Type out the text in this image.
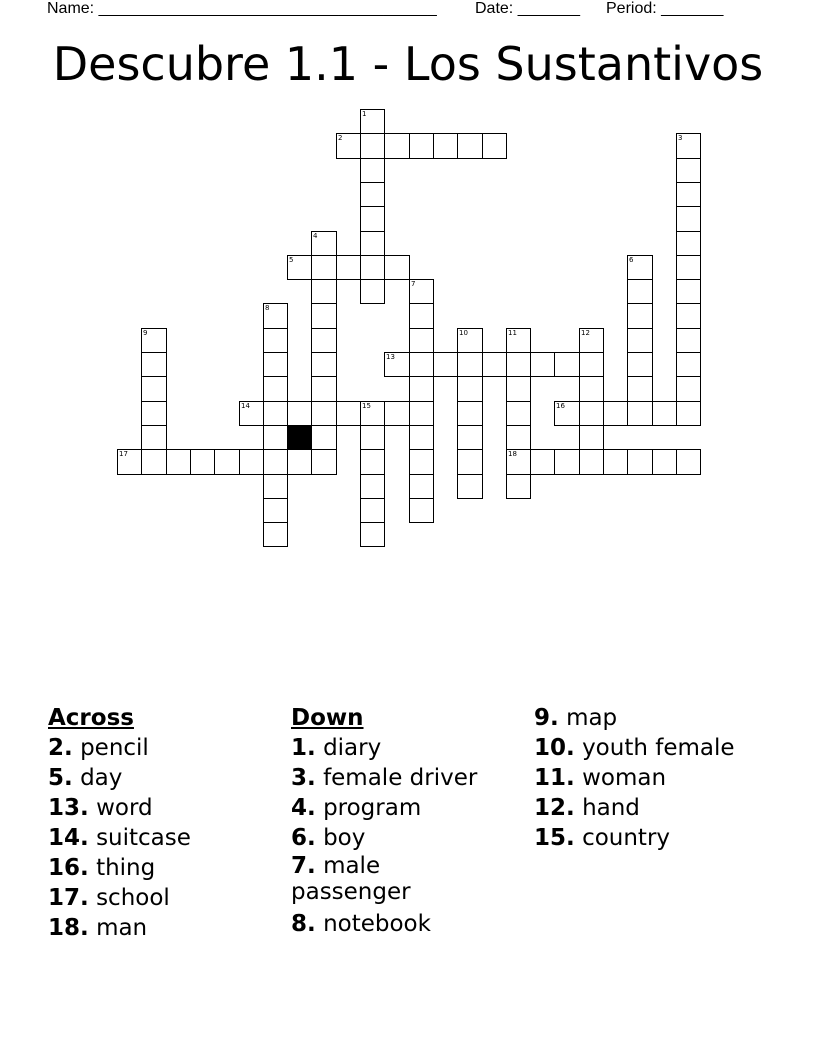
Name: ______________________________________

Date: _______

Period: _______

Descubre 1.1 - Los Sustantivos
1
2	3
4
5	6
7
8
9	10	11
18
12
13
14	15	16
17
Across
2. pencil
5. day
13. word
14. suitcase
16. thing
17. school
18. man
Down
1. diary
3. female driver
4. program
6. boy
7. male passenger
8. notebook
9. map
10. youth female
11. woman
12. hand
15. country
